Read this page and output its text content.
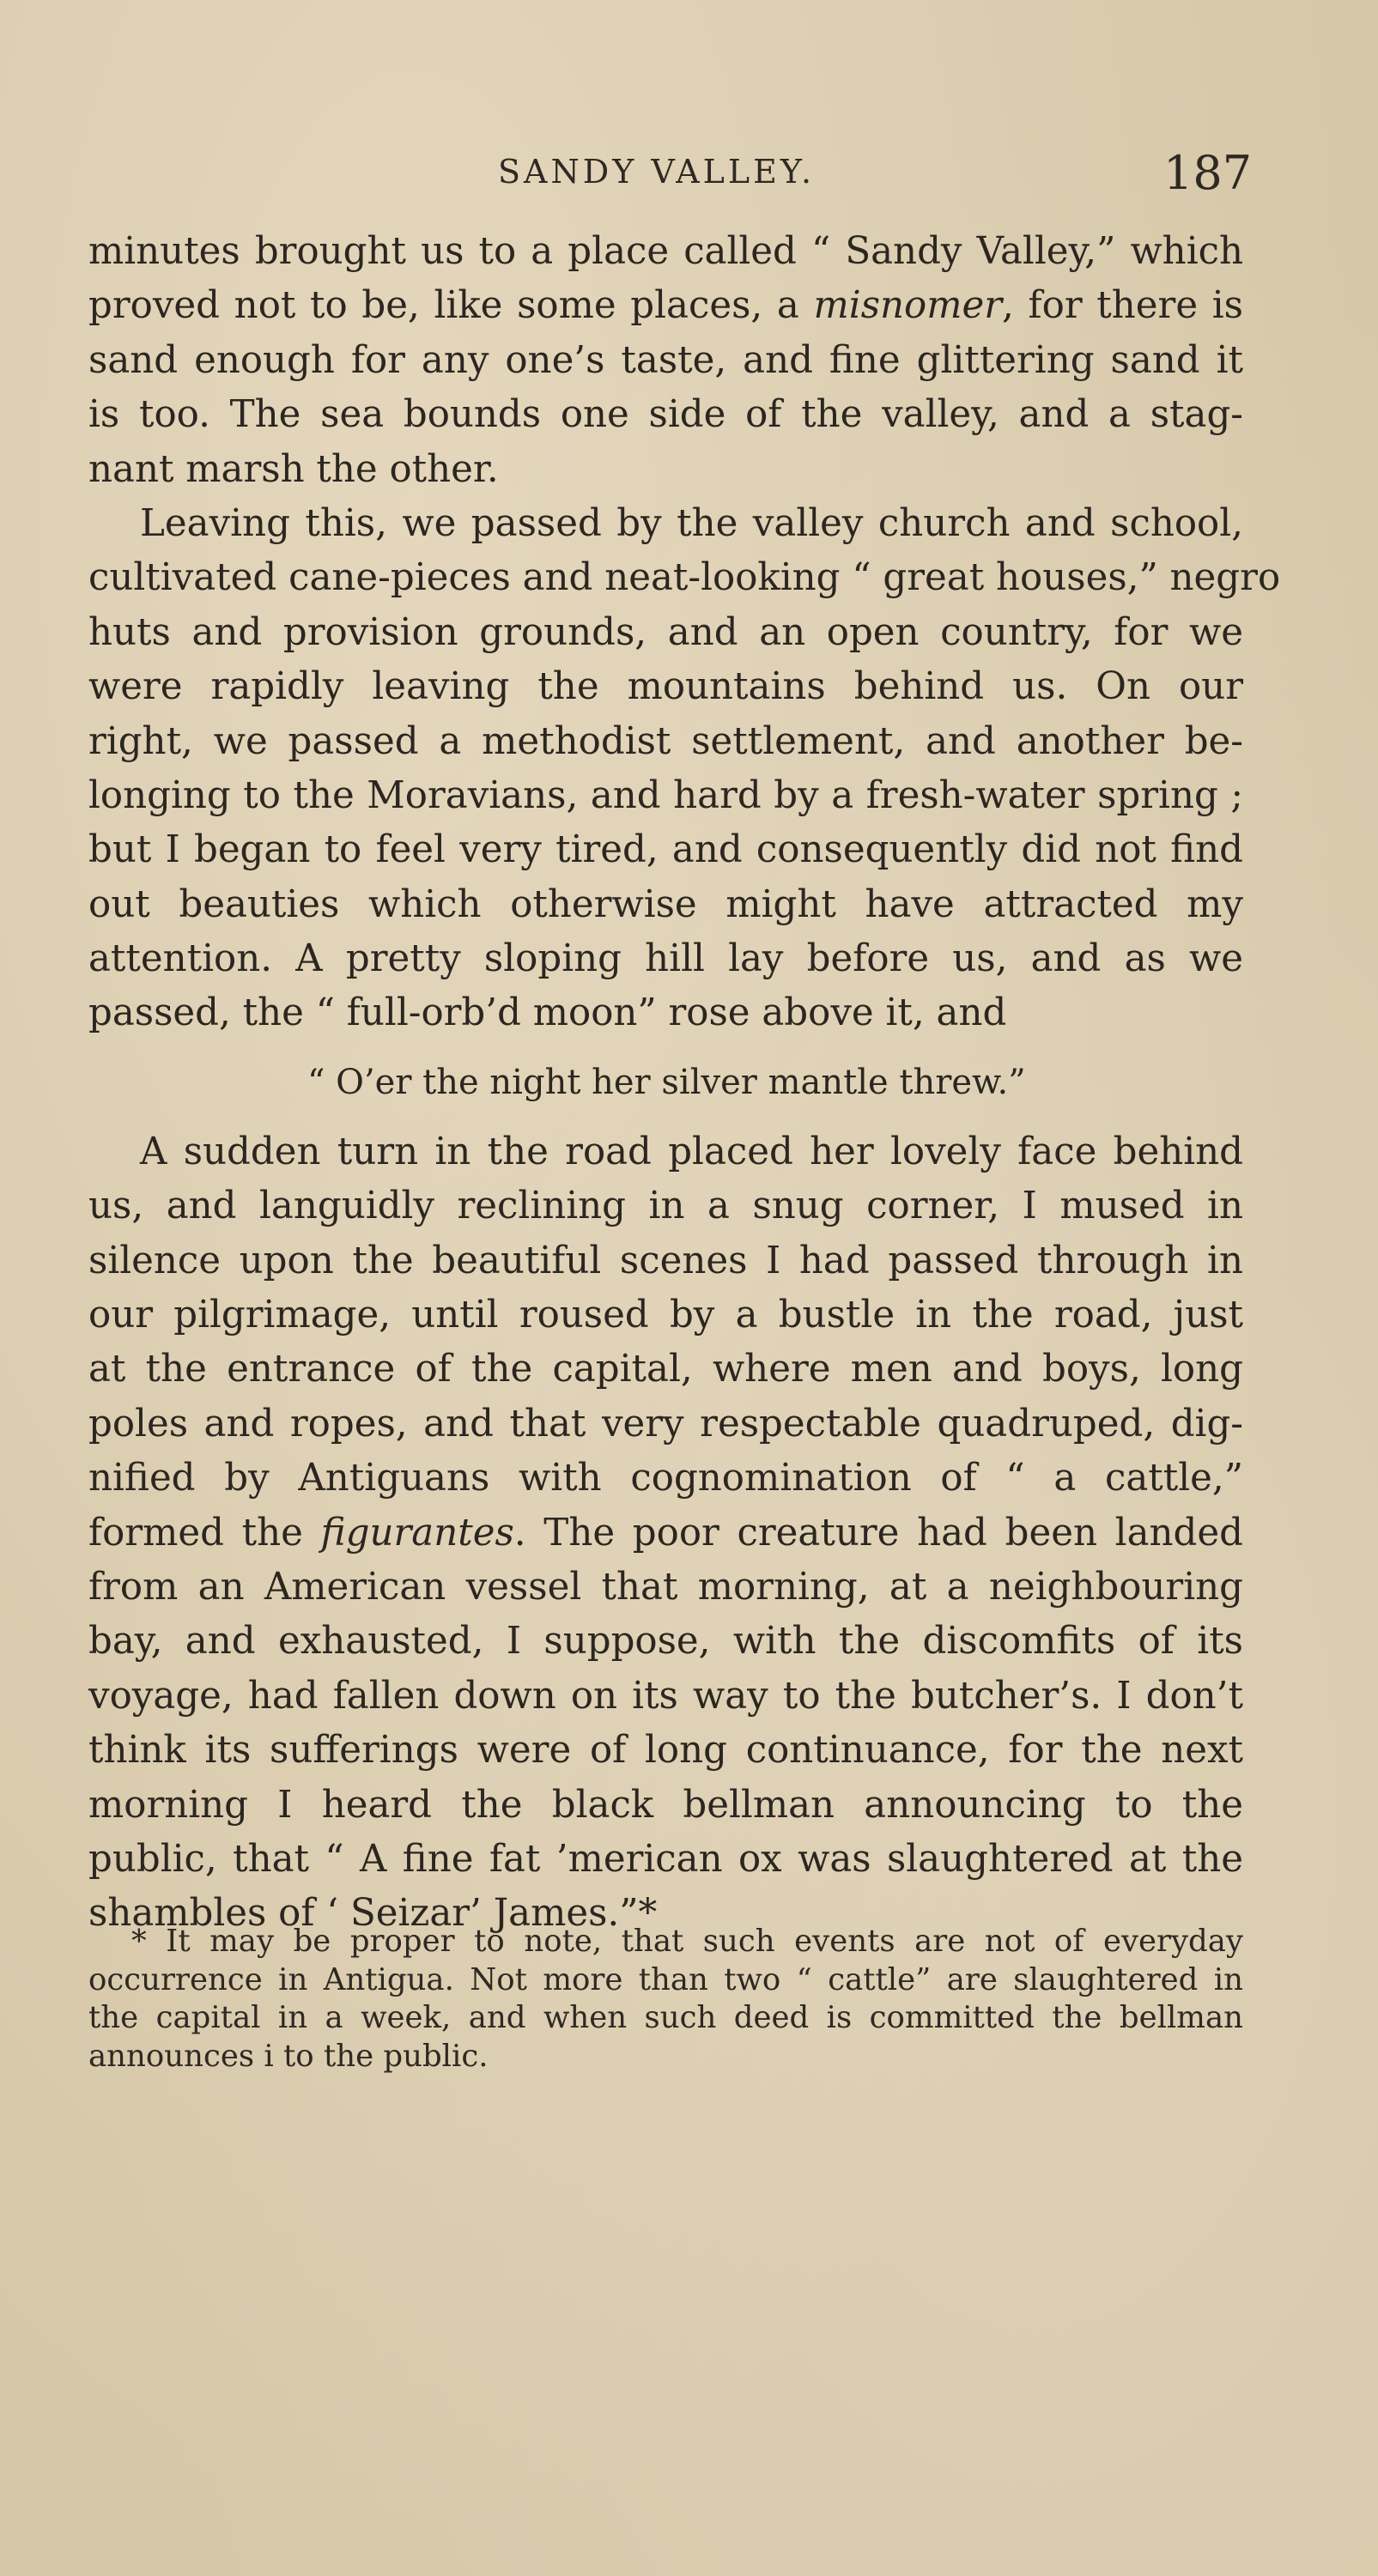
SANDY VALLEY.	187
minutes brought us to a place called “ Sandy Valley,” which
proved not to be, like some places, a misnomer, for there is
sand enough for any one’s taste, and fine glittering sand it
is too. The sea bounds one side of the valley, and a stag-
nant marsh the other.
Leaving this, we passed by the valley church and school,
cultivated cane-pieces and neat-looking “ great houses,” negro
huts and provision grounds, and an open country, for we
were rapidly leaving the mountains behind us. On our
right, we passed a methodist settlement, and another be-
longing to the Moravians, and hard by a fresh-water spring ;
but I began to feel very tired, and consequently did not find
out beauties which otherwise might have attracted my
attention. A pretty sloping hill lay before us, and as we
passed, the “ full-orb’d moon” rose above it, and
“ O’er the night her silver mantle threw.”
A sudden turn in the road placed her lovely face behind
us, and languidly reclining in a snug corner, I mused in
silence upon the beautiful scenes I had passed through in
our pilgrimage, until roused by a bustle in the road, just
at the entrance of the capital, where men and boys, long
poles and ropes, and that very respectable quadruped, dig-
nified by Antiguans with cognomination of “ a cattle,”
formed the figurantes. The poor creature had been landed
from an American vessel that morning, at a neighbouring
bay, and exhausted, I suppose, with the discomfits of its
voyage, had fallen down on its way to the butcher’s. I don’t
think its sufferings were of long continuance, for the next
morning I heard the black bellman announcing to the
public, that “ A fine fat ’merican ox was slaughtered at the
shambles of ‘ Seizar’ James.”*
* It may be proper to note, that such events are not of everyday
occurrence in Antigua. Not more than two “ cattle” are slaughtered in
the capital in a week, and when such deed is committed the bellman
announces i to the public.
